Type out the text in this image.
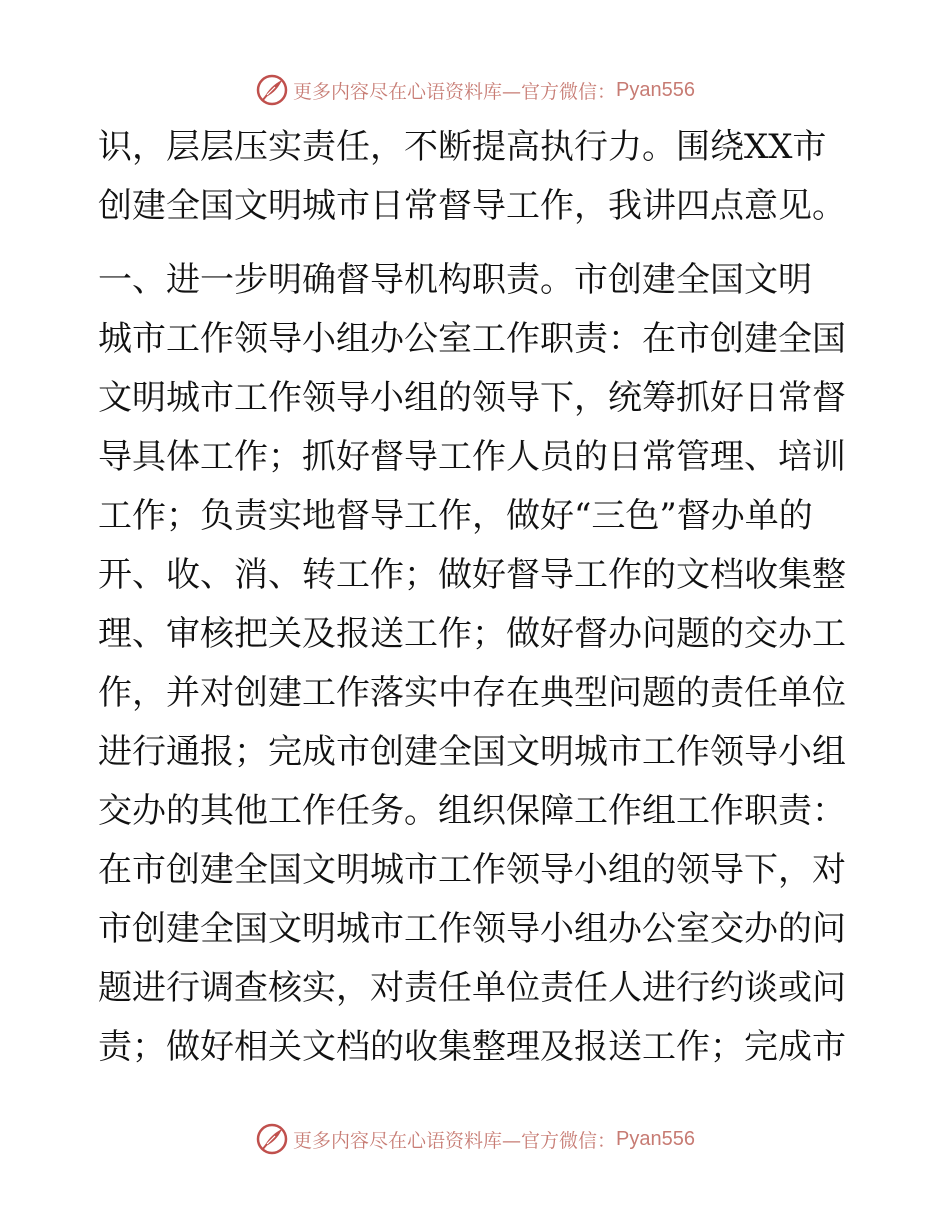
更多内容尽在心语资料库—官方微信： Pyan556
识，层层压实责任，不断提高执行力。围绕XX市
创建全国文明城市日常督导工作，我讲四点意见。
一、进一步明确督导机构职责。市创建全国文明
城市工作领导小组办公室工作职责：在市创建全国
文明城市工作领导小组的领导下，统筹抓好日常督
导具体工作；抓好督导工作人员的日常管理、培训
工作；负责实地督导工作，做好“三色”督办单的
开、收、消、转工作；做好督导工作的文档收集整
理、审核把关及报送工作；做好督办问题的交办工
作，并对创建工作落实中存在典型问题的责任单位
进行通报；完成市创建全国文明城市工作领导小组
交办的其他工作任务。组织保障工作组工作职责：
在市创建全国文明城市工作领导小组的领导下，对
市创建全国文明城市工作领导小组办公室交办的问
题进行调查核实，对责任单位责任人进行约谈或问
责；做好相关文档的收集整理及报送工作；完成市
更多内容尽在心语资料库—官方微信： Pyan556
